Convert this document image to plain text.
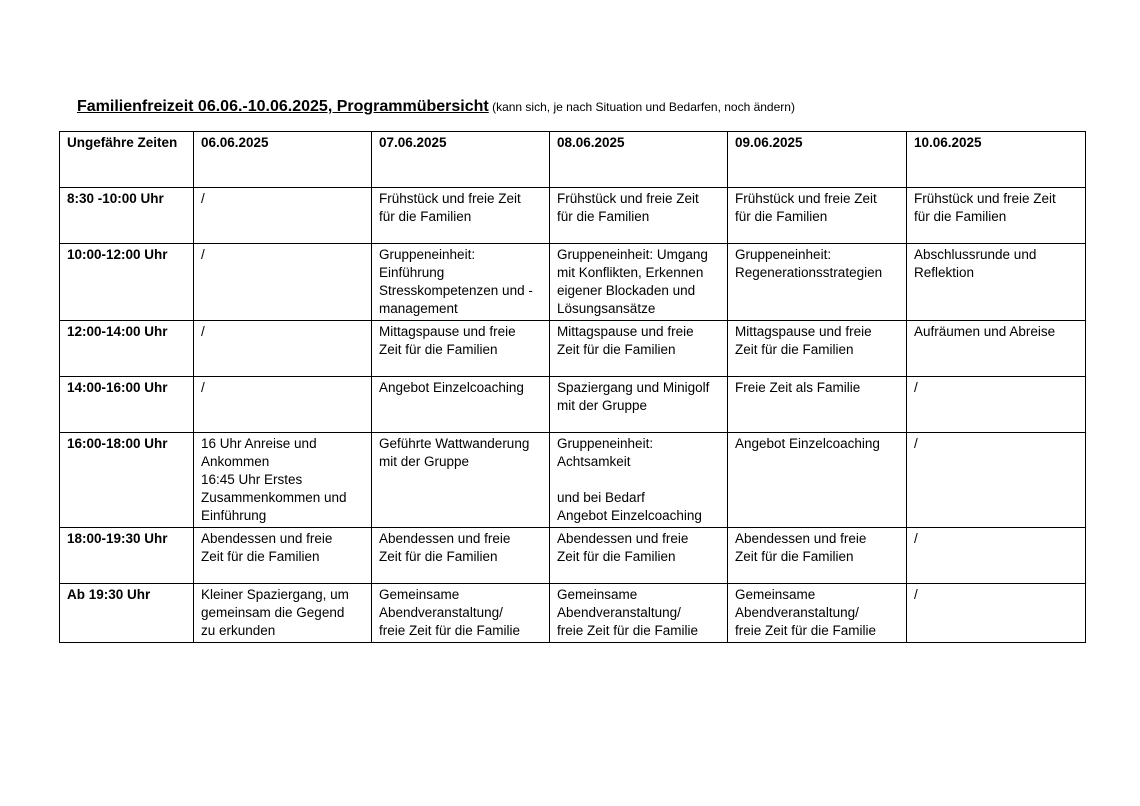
Familienfreizeit 06.06.-10.06.2025, Programmübersicht (kann sich, je nach Situation und Bedarfen, noch ändern)
Ungefähre Zeiten	06.06.2025	07.06.2025	08.06.2025	09.06.2025	10.06.2025
8:30 -10:00 Uhr	/	Frühstück und freie Zeit
für die Familien	Frühstück und freie Zeit
für die Familien	Frühstück und freie Zeit
für die Familien	Frühstück und freie Zeit
für die Familien

10:00-12:00 Uhr	/	Gruppeneinheit:
Einführung
Stresskompetenzen und -
management	Gruppeneinheit: Umgang
mit Konflikten, Erkennen
eigener Blockaden und
Lösungsansätze	Gruppeneinheit:
Regenerationsstrategien	Abschlussrunde und
Reflektion

12:00-14:00 Uhr	/	Mittagspause und freie
Zeit für die Familien	Mittagspause und freie
Zeit für die Familien	Mittagspause und freie
Zeit für die Familien	Aufräumen und Abreise

14:00-16:00 Uhr	/	Angebot Einzelcoaching	Spaziergang und Minigolf
mit der Gruppe	Freie Zeit als Familie	/

16:00-18:00 Uhr	16 Uhr Anreise und
Ankommen
16:45 Uhr Erstes
Zusammenkommen und
Einführung	Geführte Wattwanderung
mit der Gruppe	Gruppeneinheit:
Achtsamkeit
und bei Bedarf
Angebot Einzelcoaching	Angebot Einzelcoaching	/

18:00-19:30 Uhr	Abendessen und freie
Zeit für die Familien	Abendessen und freie
Zeit für die Familien	Abendessen und freie
Zeit für die Familien	Abendessen und freie
Zeit für die Familien	/

Ab 19:30 Uhr	Kleiner Spaziergang, um
gemeinsam die Gegend
zu erkunden	Gemeinsame
Abendveranstaltung/
freie Zeit für die Familie	Gemeinsame
Abendveranstaltung/
freie Zeit für die Familie	Gemeinsame
Abendveranstaltung/
freie Zeit für die Familie	/
